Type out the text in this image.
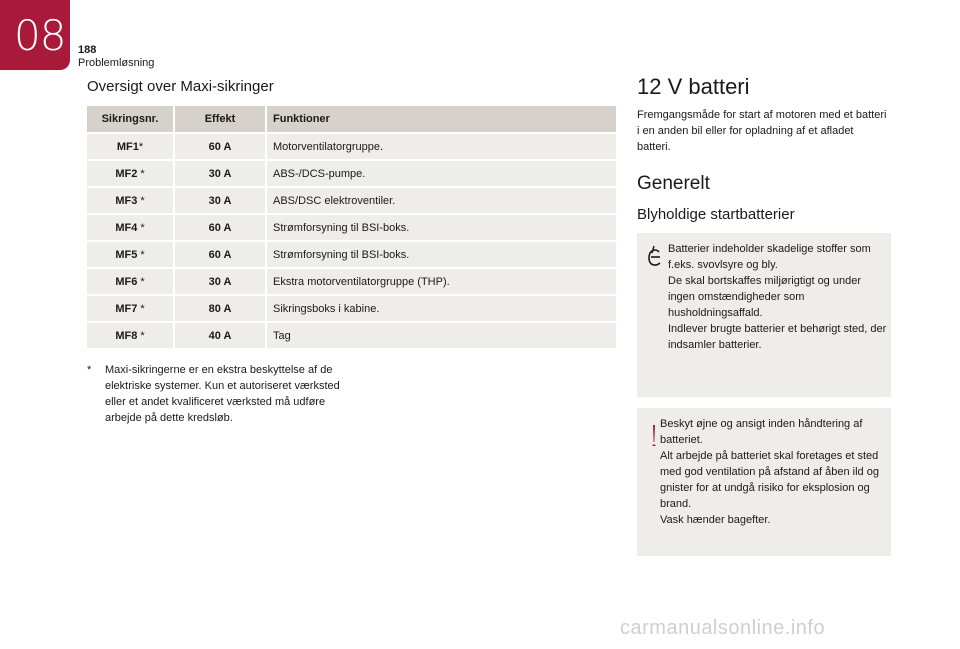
08 188
Problemløsning
Oversigt over Maxi-sikringer
Sikringsnr.	Effekt	Funktioner
MF1*	60 A	Motorventilatorgruppe.
MF2 *	30 A	ABS-/DCS-pumpe.
MF3 *	30 A	ABS/DSC elektroventiler.
MF4 *	60 A	Strømforsyning til BSI-boks.
MF5 *	60 A	Strømforsyning til BSI-boks.
MF6 *	30 A	Ekstra motorventilatorgruppe (THP).
MF7 *	80 A	Sikringsboks i kabine.
MF8 *	40 A	Tag
* Maxi-sikringerne er en ekstra beskyttelse af de elektriske systemer. Kun et autoriseret værksted eller et andet kvalificeret værksted må udføre arbejde på dette kredsløb.
12 V batteri
Fremgangsmåde for start af motoren med et batteri i en anden bil eller for opladning af et afladet batteri.
Generelt
Blyholdige startbatterier
Batterier indeholder skadelige stoffer som f.eks. svovlsyre og bly.
De skal bortskaffes miljørigtigt og under ingen omstændigheder som husholdningsaffald.
Indlever brugte batterier et behørigt sted, der indsamler batterier.
Beskyt øjne og ansigt inden håndtering af batteriet.
Alt arbejde på batteriet skal foretages et sted med god ventilation på afstand af åben ild og gnister for at undgå risiko for eksplosion og brand.
Vask hænder bagefter.
carmanualsonline.info
